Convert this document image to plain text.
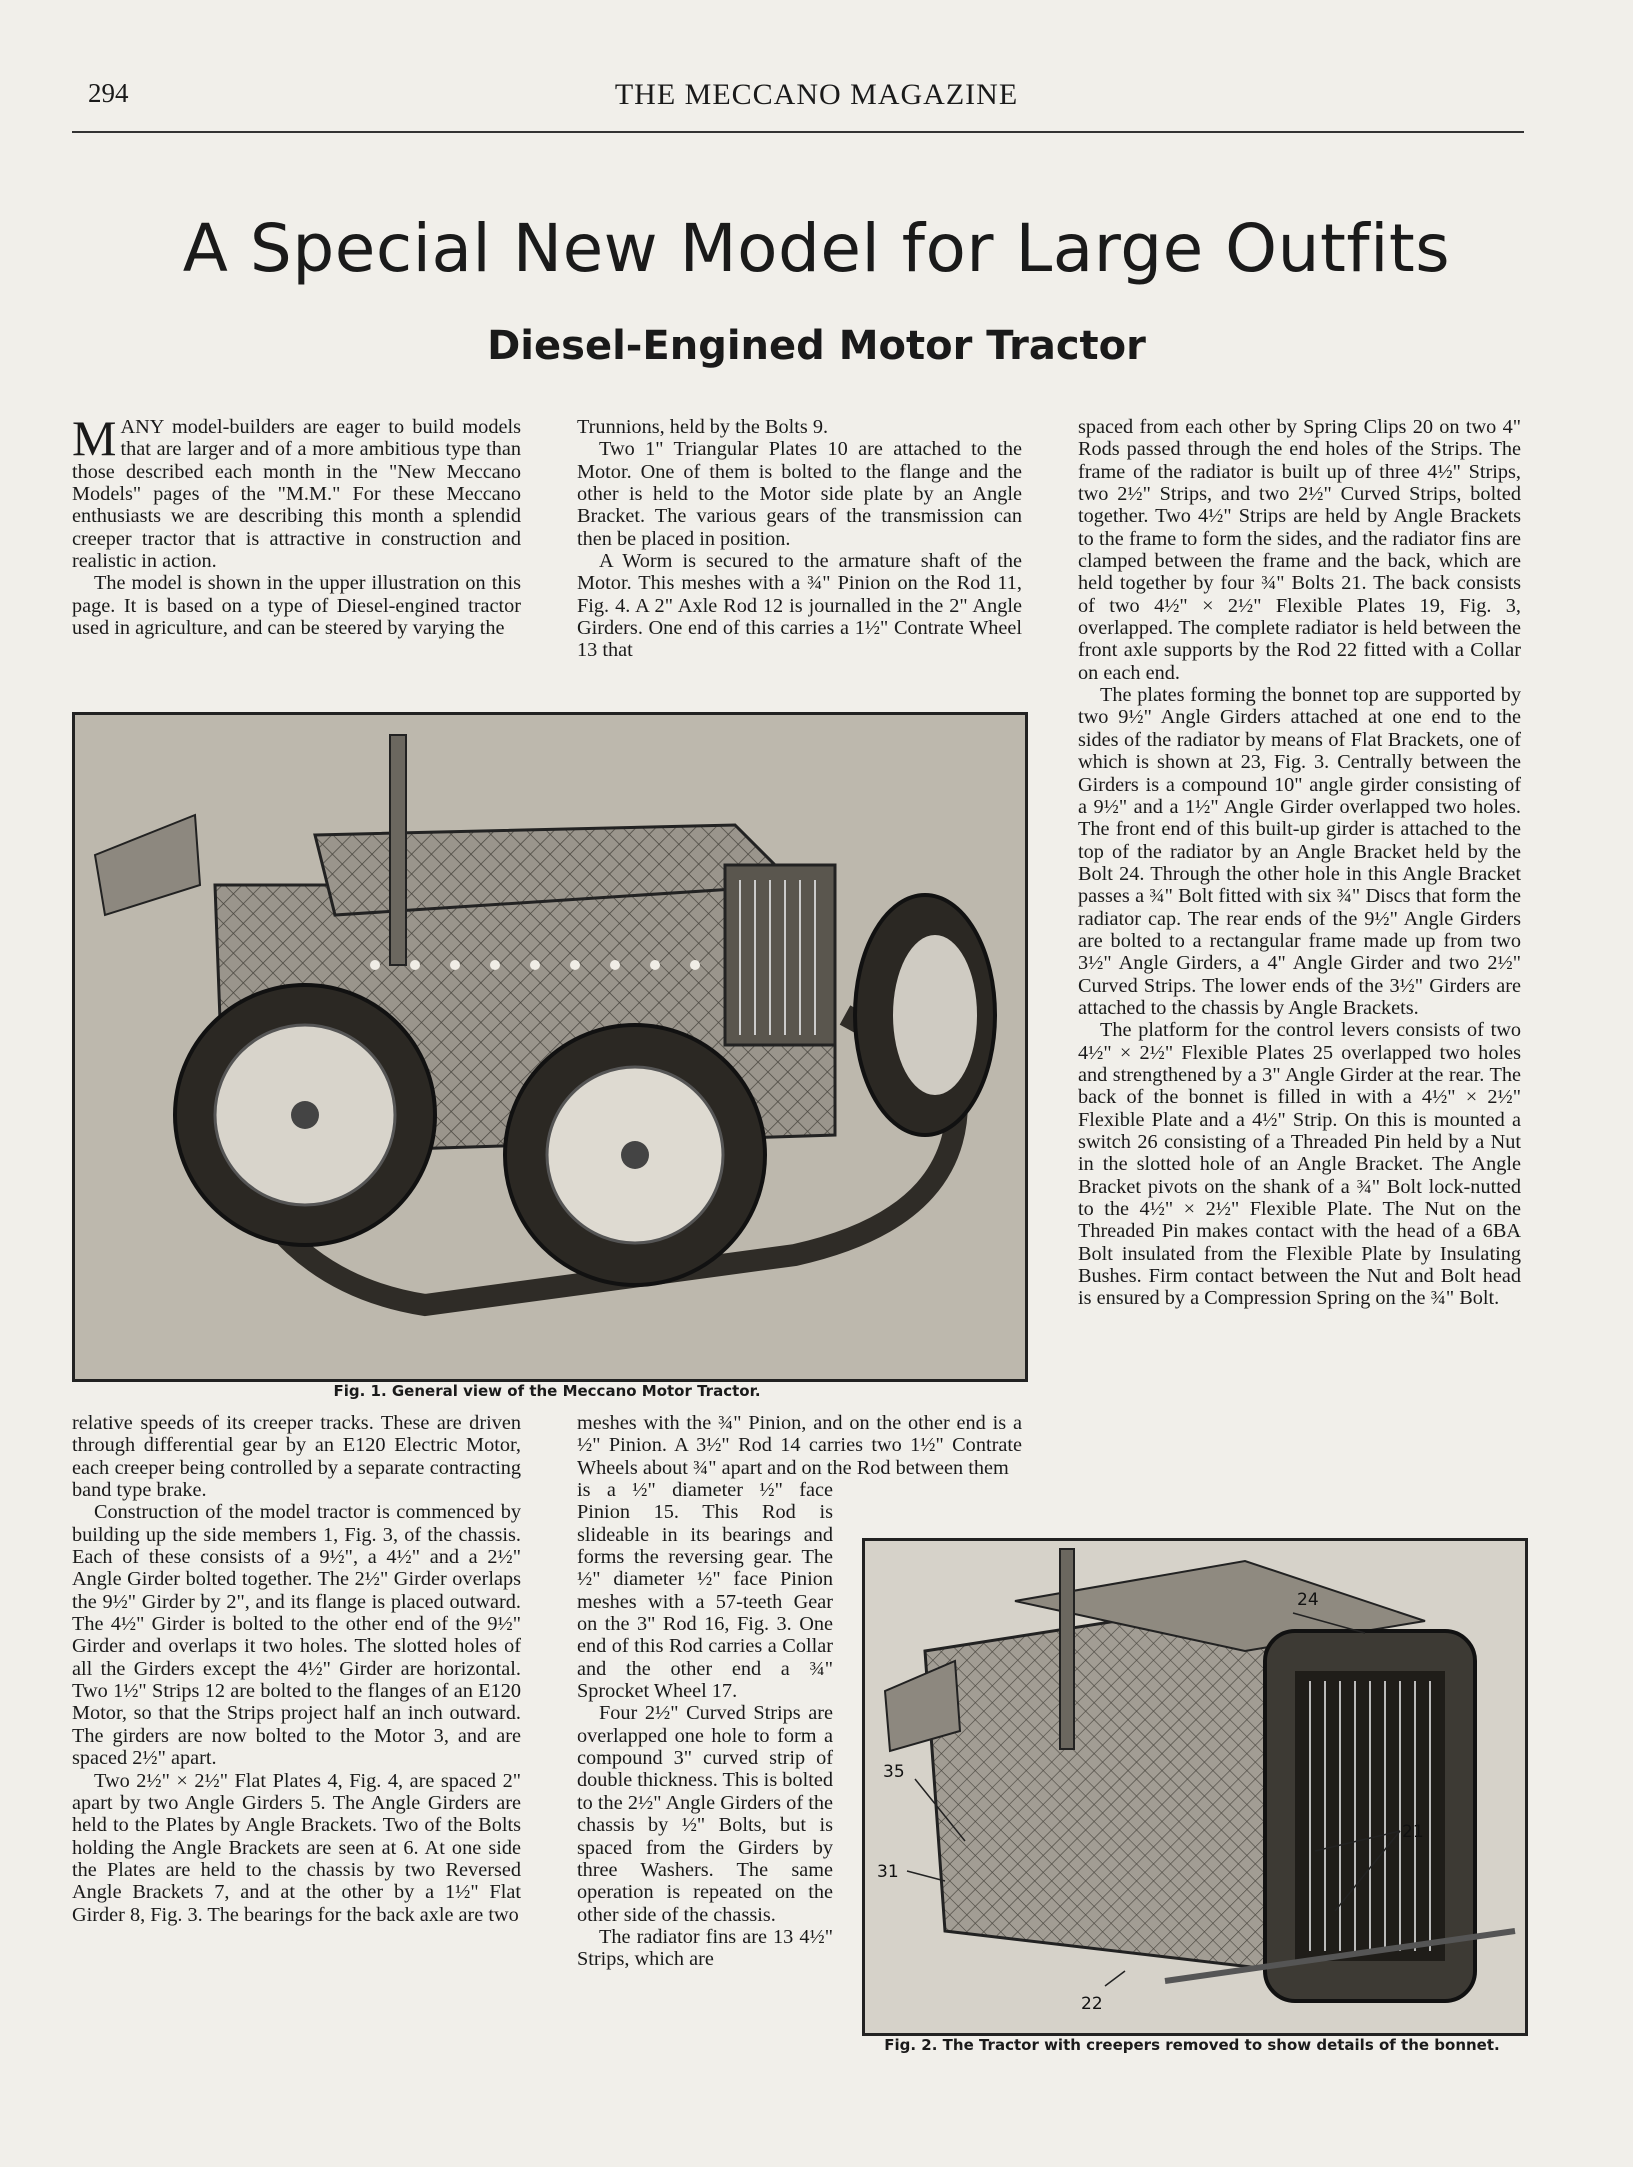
294	THE MECCANO MAGAZINE
A Special New Model for Large Outfits
Diesel-Engined Motor Tractor

MANY model-builders are eager to build models that are larger and of a more ambitious type than those described each month in the "New Meccano Models" pages of the "M.M." For these Meccano enthusiasts we are describing this month a splendid creeper tractor that is attractive in construction and realistic in action.

The model is shown in the upper illustration on this page. It is based on a type of Diesel-engined tractor used in agriculture, and can be steered by varying the

Trunnions, held by the Bolts 9.

Two 1" Triangular Plates 10 are attached to the Motor. One of them is bolted to the flange and the other is held to the Motor side plate by an Angle Bracket. The various gears of the transmission can then be placed in position.

A Worm is secured to the armature shaft of the Motor. This meshes with a ¾" Pinion on the Rod 11, Fig. 4. A 2" Axle Rod 12 is journalled in the 2" Angle Girders. One end of this carries a 1½" Contrate Wheel 13 that

spaced from each other by Spring Clips 20 on two 4" Rods passed through the end holes of the Strips. The frame of the radiator is built up of three 4½" Strips, two 2½" Strips, and two 2½" Curved Strips, bolted together. Two 4½" Strips are held by Angle Brackets to the frame to form the sides, and the radiator fins are clamped between the frame and the back, which are held together by four ¾" Bolts 21. The back consists of two 4½" × 2½" Flexible Plates 19, Fig. 3, overlapped. The complete radiator is held between the front axle supports by the Rod 22 fitted with a Collar on each end.

The plates forming the bonnet top are supported by two 9½" Angle Girders attached at one end to the sides of the radiator by means of Flat Brackets, one of which is shown at 23, Fig. 3. Centrally between the Girders is a compound 10" angle girder consisting of a 9½" and a 1½" Angle Girder overlapped two holes. The front end of this built-up girder is attached to the top of the radiator by an Angle Bracket held by the Bolt 24. Through the other hole in this Angle Bracket passes a ¾" Bolt fitted with six ¾" Discs that form the radiator cap. The rear ends of the 9½" Angle Girders are bolted to a rectangular frame made up from two 3½" Angle Girders, a 4" Angle Girder and two 2½" Curved Strips. The lower ends of the 3½" Girders are attached to the chassis by Angle Brackets.

The platform for the control levers consists of two 4½" × 2½" Flexible Plates 25 overlapped two holes and strengthened by a 3" Angle Girder at the rear. The back of the bonnet is filled in with a 4½" × 2½" Flexible Plate and a 4½" Strip. On this is mounted a switch 26 consisting of a Threaded Pin held by a Nut in the slotted hole of an Angle Bracket. The Angle Bracket pivots on the shank of a ¾" Bolt lock-nutted to the 4½" × 2½" Flexible Plate. The Nut on the Threaded Pin makes contact with the head of a 6BA Bolt insulated from the Flexible Plate by Insulating Bushes. Firm contact between the Nut and Bolt head is ensured by a Compression Spring on the ¾" Bolt.

Fig. 1. General view of the Meccano Motor Tractor.

relative speeds of its creeper tracks. These are driven through differential gear by an E120 Electric Motor, each creeper being controlled by a separate contracting band type brake.

Construction of the model tractor is commenced by building up the side members 1, Fig. 3, of the chassis. Each of these consists of a 9½", a 4½" and a 2½" Angle Girder bolted together. The 2½" Girder overlaps the 9½" Girder by 2", and its flange is placed outward. The 4½" Girder is bolted to the other end of the 9½" Girder and overlaps it two holes. The slotted holes of all the Girders except the 4½" Girder are horizontal. Two 1½" Strips 12 are bolted to the flanges of an E120 Motor, so that the Strips project half an inch outward. The girders are now bolted to the Motor 3, and are spaced 2½" apart.

Two 2½" × 2½" Flat Plates 4, Fig. 4, are spaced 2" apart by two Angle Girders 5. The Angle Girders are held to the Plates by Angle Brackets. Two of the Bolts holding the Angle Brackets are seen at 6. At one side the Plates are held to the chassis by two Reversed Angle Brackets 7, and at the other by a 1½" Flat Girder 8, Fig. 3. The bearings for the back axle are two

meshes with the ¾" Pinion, and on the other end is a ½" Pinion. A 3½" Rod 14 carries two 1½" Contrate Wheels about ¾" apart and on the Rod between them

is a ½" diameter ½" face Pinion 15. This Rod is slideable in its bearings and forms the reversing gear. The ½" diameter ½" face Pinion meshes with a 57-teeth Gear on the 3" Rod 16, Fig. 3. One end of this Rod carries a Collar and the other end a ¾" Sprocket Wheel 17.

Four 2½" Curved Strips are overlapped one hole to form a compound 3" curved strip of double thickness. This is bolted to the 2½" Angle Girders of the chassis by ½" Bolts, but is spaced from the Girders by three Washers. The same operation is repeated on the other side of the chassis.

The radiator fins are 13 4½" Strips, which are

24
35
21
31
22
Fig. 2. The Tractor with creepers removed to show details of the bonnet.
